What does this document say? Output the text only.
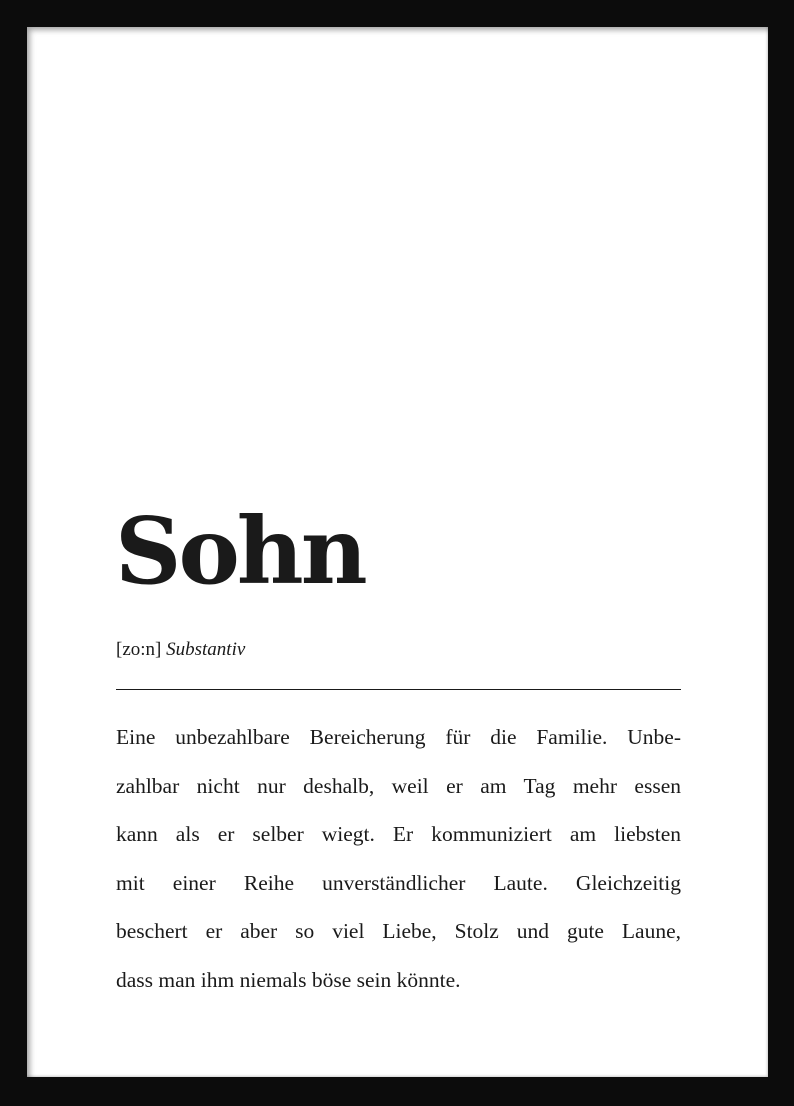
Sohn
[zo:n] Substantiv

Eine unbezahlbare Bereicherung für die Familie. Unbe-
zahlbar nicht nur deshalb, weil er am Tag mehr essen
kann als er selber wiegt. Er kommuniziert am liebsten
mit einer Reihe unverständlicher Laute. Gleichzeitig
beschert er aber so viel Liebe, Stolz und gute Laune,
dass man ihm niemals böse sein könnte.
